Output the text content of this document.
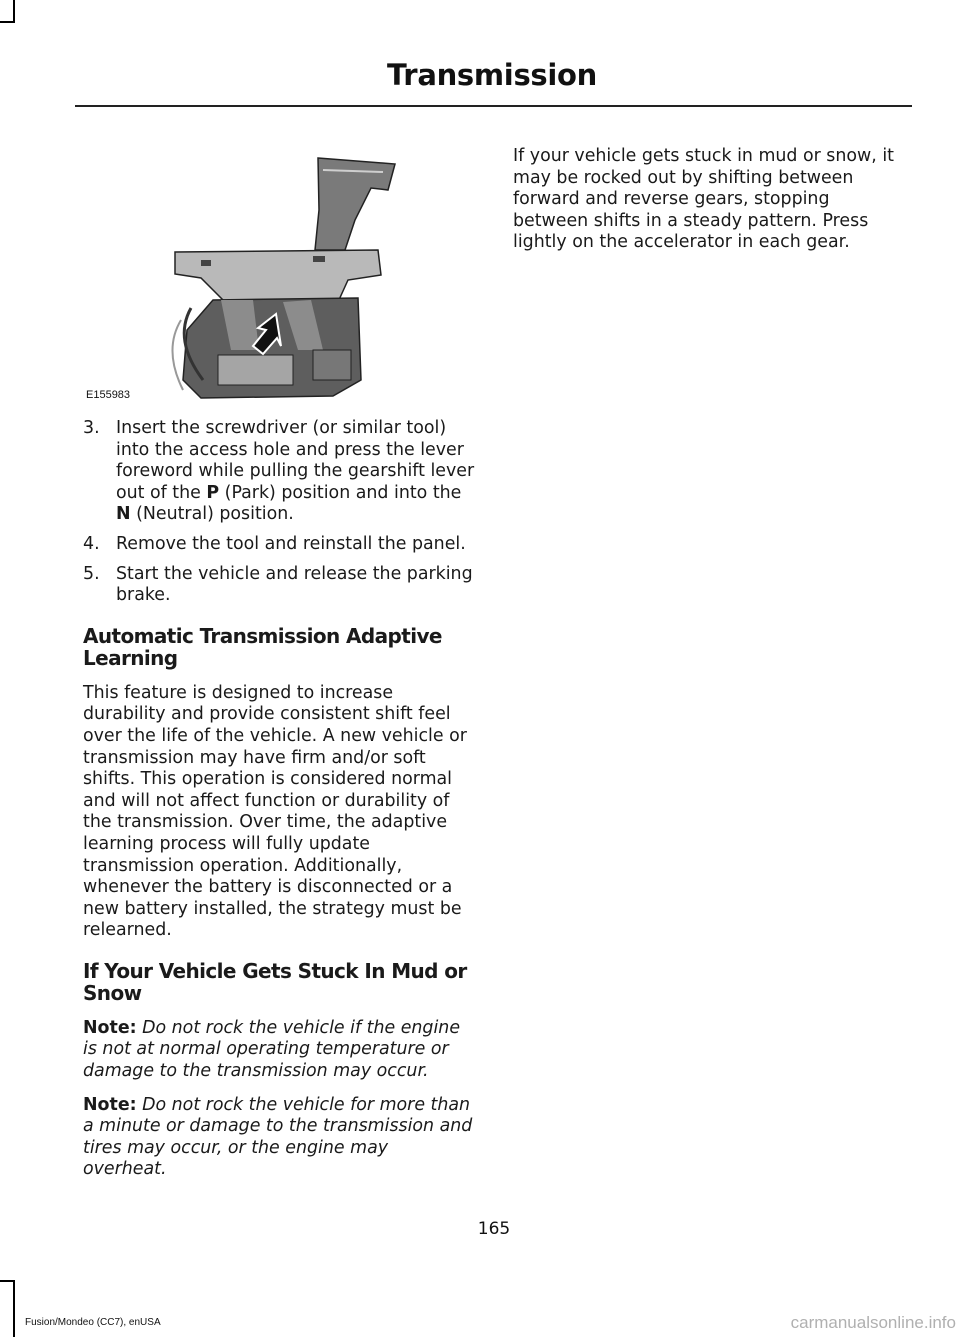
Transmission
E155983
3. Insert the screwdriver (or similar tool) into the access hole and press the lever foreword while pulling the gearshift lever out of the P (Park) position and into the N (Neutral) position.
4. Remove the tool and reinstall the panel.
5. Start the vehicle and release the parking brake.
Automatic Transmission Adaptive Learning

This feature is designed to increase durability and provide consistent shift feel over the life of the vehicle. A new vehicle or transmission may have firm and/or soft shifts. This operation is considered normal and will not affect function or durability of the transmission. Over time, the adaptive learning process will fully update transmission operation. Additionally, whenever the battery is disconnected or a new battery installed, the strategy must be relearned.

If Your Vehicle Gets Stuck In Mud or Snow

Note: Do not rock the vehicle if the engine is not at normal operating temperature or damage to the transmission may occur.

Note: Do not rock the vehicle for more than a minute or damage to the transmission and tires may occur, or the engine may overheat.

If your vehicle gets stuck in mud or snow, it may be rocked out by shifting between forward and reverse gears, stopping between shifts in a steady pattern. Press lightly on the accelerator in each gear.

165
Fusion/Mondeo (CC7), enUSA	carmanualsonline.info
